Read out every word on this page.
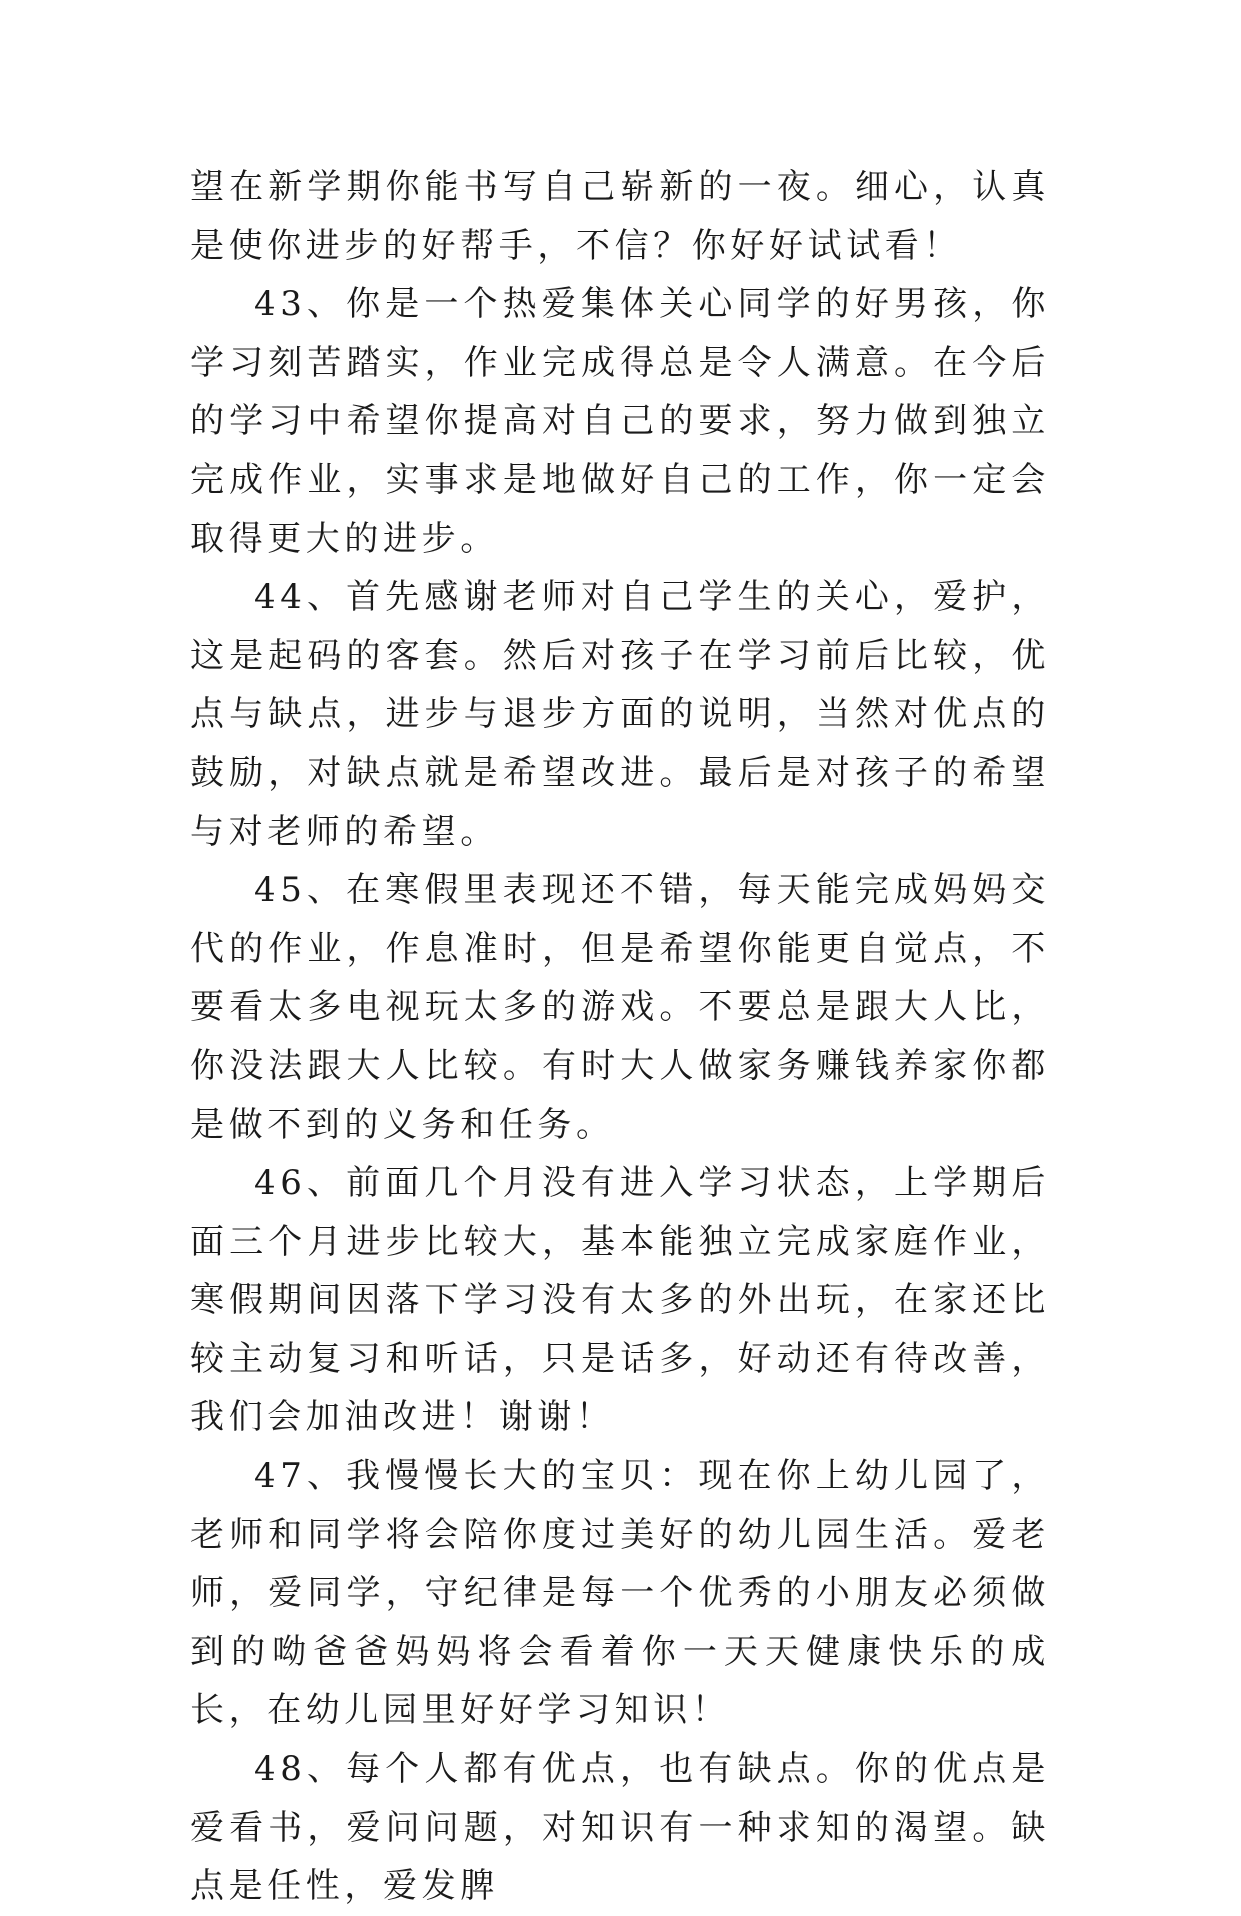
望在新学期你能书写自己崭新的一夜。细心，认真是使你进步的好帮手，不信？你好好试试看！

43、你是一个热爱集体关心同学的好男孩，你学习刻苦踏实，作业完成得总是令人满意。在今后的学习中希望你提高对自己的要求，努力做到独立完成作业，实事求是地做好自己的工作，你一定会取得更大的进步。

44、首先感谢老师对自己学生的关心，爱护，这是起码的客套。然后对孩子在学习前后比较，优点与缺点，进步与退步方面的说明，当然对优点的鼓励，对缺点就是希望改进。最后是对孩子的希望与对老师的希望。

45、在寒假里表现还不错，每天能完成妈妈交代的作业，作息准时，但是希望你能更自觉点，不要看太多电视玩太多的游戏。不要总是跟大人比，你没法跟大人比较。有时大人做家务赚钱养家你都是做不到的义务和任务。

46、前面几个月没有进入学习状态，上学期后面三个月进步比较大，基本能独立完成家庭作业，寒假期间因落下学习没有太多的外出玩，在家还比较主动复习和听话，只是话多，好动还有待改善，我们会加油改进！谢谢！

47、我慢慢长大的宝贝：现在你上幼儿园了，老师和同学将会陪你度过美好的幼儿园生活。爱老师，爱同学，守纪律是每一个优秀的小朋友必须做到的呦爸爸妈妈将会看着你一天天健康快乐的成长，在幼儿园里好好学习知识！

48、每个人都有优点，也有缺点。你的优点是爱看书，爱问问题，对知识有一种求知的渴望。缺点是任性，爱发脾
